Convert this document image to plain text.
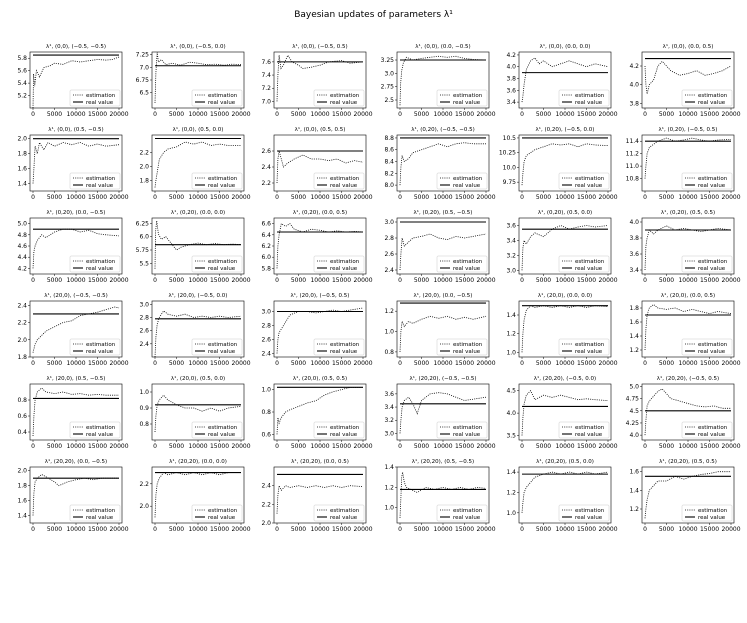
Bayesian updates of parameters λ¹
λ¹, (0,0), (−0.5, −0.5)
0 5000 10000 15000 20000
5.2
5.4
5.6
5.8
estimation
real value
λ¹, (0,0), (−0.5, 0.0)
0 5000 10000 15000 20000
6.5
6.75
7.0
7.25
estimation
real value
λ¹, (0,0), (−0.5, 0.5)
0 5000 10000 15000 20000
7.0
7.2
7.4
7.6
estimation
real value
λ¹, (0,0), (0.0, −0.5)
0 5000 10000 15000 20000
2.5
2.75
3.0
3.25
estimation
real value
λ¹, (0,0), (0.0, 0.0)
0 5000 10000 15000 20000
3.4
3.6
3.8
4.0
4.2
estimation
real value
λ¹, (0,0), (0.0, 0.5)
0 5000 10000 15000 20000
3.8
4.0
4.2
estimation
real value
λ¹, (0,0), (0.5, −0.5)
0 5000 10000 15000 20000
1.4
1.6
1.8
2.0
estimation
real value
λ¹, (0,0), (0.5, 0.0)
0 5000 10000 15000 20000
1.8
2.0
2.2
estimation
real value
λ¹, (0,0), (0.5, 0.5)
0 5000 10000 15000 20000
2.2
2.4
2.6
estimation
real value
λ¹, (0,20), (−0.5, −0.5)
0 5000 10000 15000 20000
8.0
8.2
8.4
8.6
8.8
estimation
real value
λ¹, (0,20), (−0.5, 0.0)
0 5000 10000 15000 20000
9.75
10.0
10.25
10.5
estimation
real value
λ¹, (0,20), (−0.5, 0.5)
0 5000 10000 15000 20000
10.8
11.0
11.2
11.4
estimation
real value
λ¹, (0,20), (0.0, −0.5)
0 5000 10000 15000 20000
4.2
4.4
4.6
4.8
5.0
estimation
real value
λ¹, (0,20), (0.0, 0.0)
0 5000 10000 15000 20000
5.5
5.75
6.0
6.25
estimation
real value
λ¹, (0,20), (0.0, 0.5)
0 5000 10000 15000 20000
5.8
6.0
6.2
6.4
6.6
estimation
real value
λ¹, (0,20), (0.5, −0.5)
0 5000 10000 15000 20000
2.4
2.6
2.8
3.0
estimation
real value
λ¹, (0,20), (0.5, 0.0)
0 5000 10000 15000 20000
3.0
3.2
3.4
3.6
estimation
real value
λ¹, (0,20), (0.5, 0.5)
0 5000 10000 15000 20000
3.4
3.6
3.8
4.0
estimation
real value
λ¹, (20,0), (−0.5, −0.5)
0 5000 10000 15000 20000
1.8
2.0
2.2
2.4
estimation
real value
λ¹, (20,0), (−0.5, 0.0)
0 5000 10000 15000 20000
2.4
2.6
2.8
3.0
estimation
real value
λ¹, (20,0), (−0.5, 0.5)
0 5000 10000 15000 20000
2.4
2.6
2.8
3.0
estimation
real value
λ¹, (20,0), (0.0, −0.5)
0 5000 10000 15000 20000
0.8
1.0
1.2
estimation
real value
λ¹, (20,0), (0.0, 0.0)
0 5000 10000 15000 20000
1.0
1.2
1.4
estimation
real value
λ¹, (20,0), (0.0, 0.5)
0 5000 10000 15000 20000
1.2
1.4
1.6
1.8
estimation
real value
λ¹, (20,0), (0.5, −0.5)
0 5000 10000 15000 20000
0.4
0.6
0.8
estimation
real value
λ¹, (20,0), (0.5, 0.0)
0 5000 10000 15000 20000
0.8
0.9
1.0
estimation
real value
λ¹, (20,0), (0.5, 0.5)
0 5000 10000 15000 20000
0.6
0.8
1.0
estimation
real value
λ¹, (20,20), (−0.5, −0.5)
0 5000 10000 15000 20000
3.0
3.2
3.4
3.6
estimation
real value
λ¹, (20,20), (−0.5, 0.0)
0 5000 10000 15000 20000
3.5
4.0
4.5
estimation
real value
λ¹, (20,20), (−0.5, 0.5)
0 5000 10000 15000 20000
4.0
4.25
4.5
4.75
5.0
estimation
real value
λ¹, (20,20), (0.0, −0.5)
0 5000 10000 15000 20000
1.4
1.6
1.8
2.0
estimation
real value
λ¹, (20,20), (0.0, 0.0)
0 5000 10000 15000 20000
2.0
2.2
estimation
real value
λ¹, (20,20), (0.0, 0.5)
0 5000 10000 15000 20000
2.0
2.2
2.4
estimation
real value
λ¹, (20,20), (0.5, −0.5)
0 5000 10000 15000 20000
1.0
1.2
1.4
estimation
real value
λ¹, (20,20), (0.5, 0.0)
0 5000 10000 15000 20000
1.0
1.2
1.4
estimation
real value
λ¹, (20,20), (0.5, 0.5)
0 5000 10000 15000 20000
1.2
1.4
1.6
estimation
real value
